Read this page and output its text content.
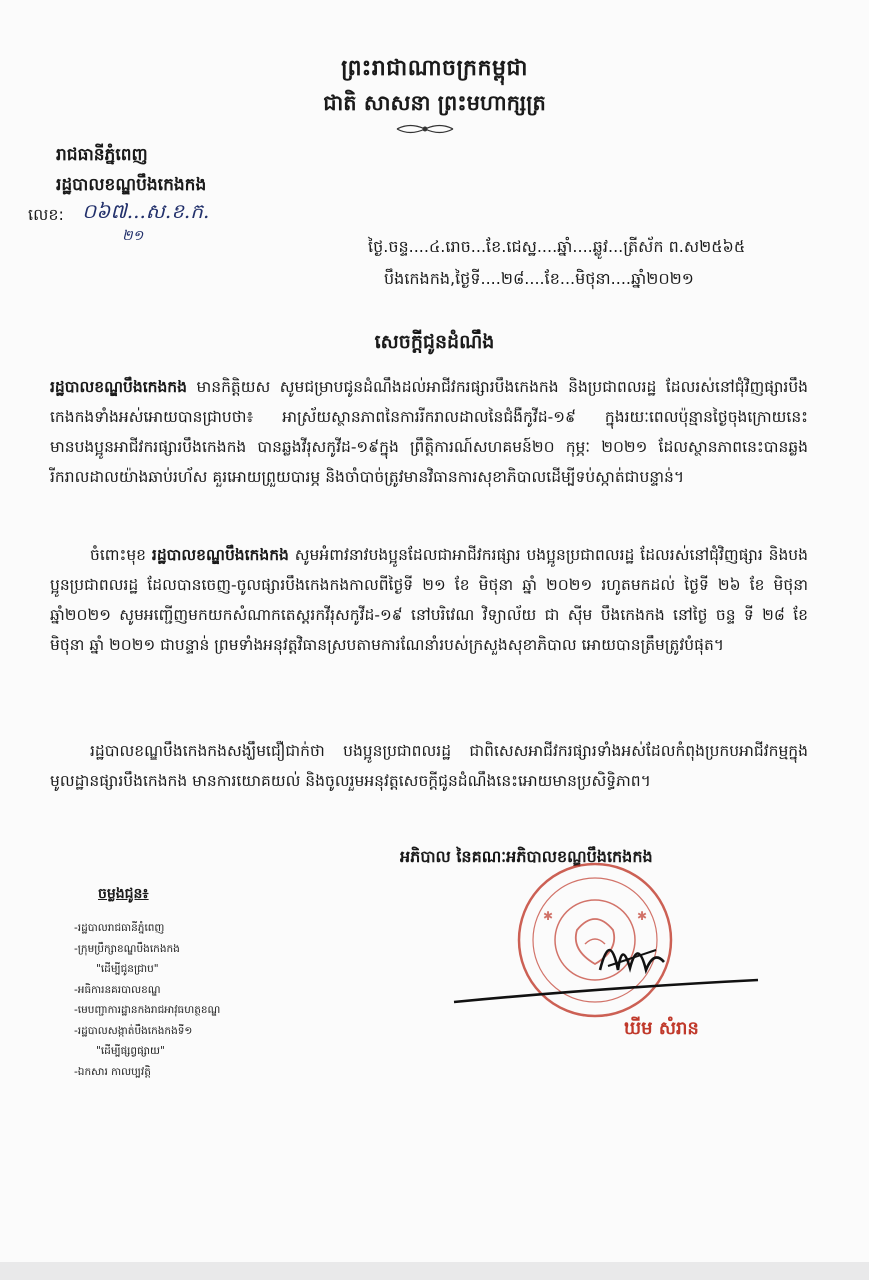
ព្រះរាជាណាចក្រកម្ពុជា
ជាតិ សាសនា ព្រះមហាក្សត្រ
រាជធានីភ្នំពេញ
រដ្ឋបាលខណ្ឌបឹងកេងកង
លេខ: ០៦៧...ស.ខ.ក.
២១
ថ្ងៃ.ចន្ទ....៤.រោច...ខែ.ជេស្ឋ....ឆ្នាំ....ឆ្លូវ...ត្រីស័ក ព.ស២៥៦៥
បឹងកេងកង,ថ្ងៃទី....២៨....ខែ...មិថុនា....ឆ្នាំ២០២១
សេចក្តីជូនដំណឹង
រដ្ឋបាលខណ្ឌបឹងកេងកង មានកិត្តិយស សូមជម្រាបជូនដំណឹងដល់អាជីវករផ្សារបឹងកេងកង និងប្រជាពលរដ្ឋ ដែលរស់នៅជុំវិញផ្សារបឹងកេងកងទាំងអស់អោយបានជ្រាបថា៖ អាស្រ័យស្ថានភាពនៃការរីករាលដាលនៃជំងឺកូវីដ-១៩ ក្នុងរយៈពេលប៉ុន្មានថ្ងៃចុងក្រោយនេះ មានបងប្អូនអាជីវករផ្សារបឹងកេងកង បានឆ្លងវីរុសកូវីដ-១៩ក្នុង ព្រឹត្តិការណ៍សហគមន៍២០ កុម្ភៈ ២០២១ ដែលស្ថានភាពនេះបានឆ្លងរីករាលដាលយ៉ាងឆាប់រហ័ស គួរអោយព្រួយបារម្ភ និងចាំបាច់ត្រូវមានវិធានការសុខាភិបាលដើម្បីទប់ស្កាត់ជាបន្ទាន់។
ចំពោះមុខ រដ្ឋបាលខណ្ឌបឹងកេងកង សូមអំពាវនាវបងប្អូនដែលជាអាជីវករផ្សារ បងប្អូនប្រជាពលរដ្ឋ ដែលរស់នៅជុំវិញផ្សារ និងបងប្អូនប្រជាពលរដ្ឋ ដែលបានចេញ-ចូលផ្សារបឹងកេងកងកាលពីថ្ងៃទី ២១ ខែ មិថុនា ឆ្នាំ ២០២១ រហូតមកដល់ ថ្ងៃទី ២៦ ខែ មិថុនា ឆ្នាំ២០២១ សូមអញ្ជើញមកយកសំណាកតេស្តរកវីរុសកូវីដ-១៩ នៅបរិវេណ វិទ្យាល័យ ជា ស៊ីម បឹងកេងកង នៅថ្ងៃ ចន្ទ ទី ២៨ ខែ មិថុនា ឆ្នាំ ២០២១ ជាបន្ទាន់ ព្រមទាំងអនុវត្តវិធានស្របតាមការណែនាំរបស់ក្រសួងសុខាភិបាល អោយបានត្រឹមត្រូវបំផុត។
រដ្ឋបាលខណ្ឌបឹងកេងកងសង្ឃឹមជឿជាក់ថា បងប្អូនប្រជាពលរដ្ឋ ជាពិសេសអាជីវករផ្សារទាំងអស់ដែលកំពុងប្រកបអាជីវកម្មក្នុងមូលដ្ឋានផ្សារបឹងកេងកង មានការយោគយល់ និងចូលរួមអនុវត្តសេចក្តីជូនដំណឹងនេះអោយមានប្រសិទ្ធិភាព។
អភិបាល នៃគណៈអភិបាលខណ្ឌបឹងកេងកង
✱	✱
ឃីម សំរាន
ចម្លងជូន៖
-រដ្ឋបាលរាជធានីភ្នំពេញ
-ក្រុមប្រឹក្សាខណ្ឌបឹងកេងកង
"ដើម្បីជូនជ្រាប"
-អធិការនគរបាលខណ្ឌ
-មេបញ្ជាការដ្ឋានកងរាជអាវុធហត្ថខណ្ឌ
-រដ្ឋបាលសង្កាត់បឹងកេងកងទី១
"ដើម្បីផ្សព្វផ្សាយ"
-ឯកសារ កាលប្បវត្តិ
